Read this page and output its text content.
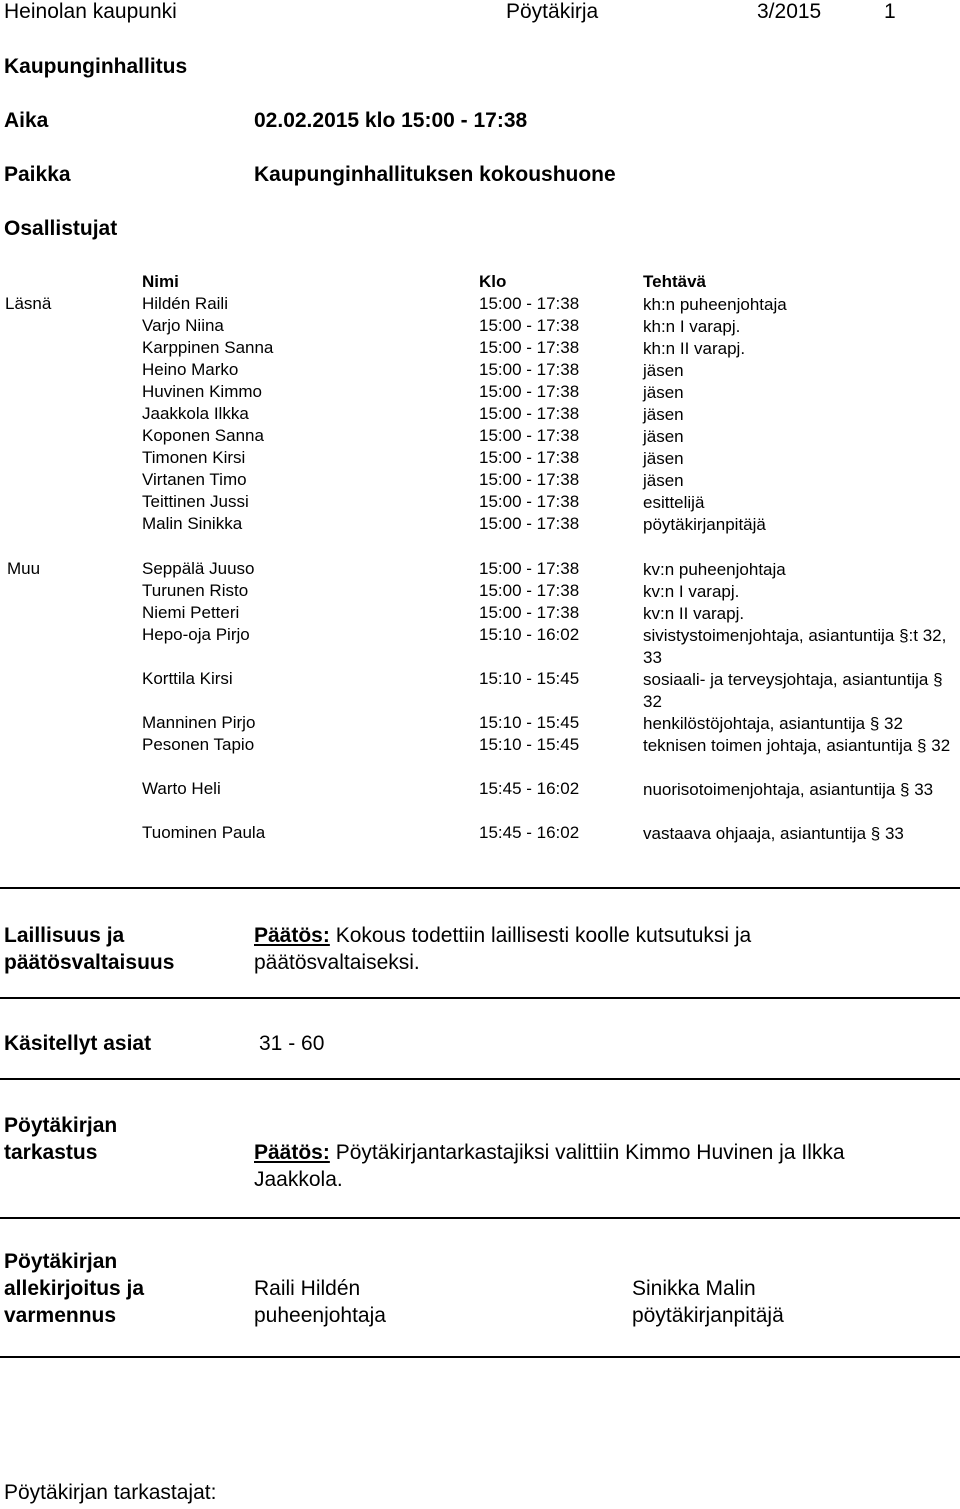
Heinolan kaupunki	Pöytäkirja	3/2015	1
Kaupunginhallitus
Aika	02.02.2015 klo 15:00 - 17:38
Paikka	Kaupunginhallituksen kokoushuone
Osallistujat
Nimi	Klo	Tehtävä
Läsnä	Hildén Raili	15:00 - 17:38	kh:n puheenjohtaja
Varjo Niina	15:00 - 17:38	kh:n I varapj.
Karppinen Sanna	15:00 - 17:38	kh:n II varapj.
Heino Marko	15:00 - 17:38	jäsen
Huvinen Kimmo	15:00 - 17:38	jäsen
Jaakkola Ilkka	15:00 - 17:38	jäsen
Koponen Sanna	15:00 - 17:38	jäsen
Timonen Kirsi	15:00 - 17:38	jäsen
Virtanen Timo	15:00 - 17:38	jäsen
Teittinen Jussi	15:00 - 17:38	esittelijä
Malin Sinikka	15:00 - 17:38	pöytäkirjanpitäjä
Muu	Seppälä Juuso	15:00 - 17:38	kv:n puheenjohtaja
Turunen Risto	15:00 - 17:38	kv:n I varapj.
Niemi Petteri	15:00 - 17:38	kv:n II varapj.
Hepo-oja Pirjo	15:10 - 16:02	sivistystoimenjohtaja, asiantuntija §:t 32, 33
Korttila Kirsi	15:10 - 15:45	sosiaali- ja terveysjohtaja, asiantuntija § 32
Manninen Pirjo	15:10 - 15:45	henkilöstöjohtaja, asiantuntija § 32
Pesonen Tapio	15:10 - 15:45	teknisen toimen johtaja, asiantuntija § 32
Warto Heli	15:45 - 16:02	nuorisotoimenjohtaja, asiantuntija § 33
Tuominen Paula	15:45 - 16:02	vastaava ohjaaja, asiantuntija § 33
Laillisuus ja
päätösvaltaisuus
Päätös: Kokous todettiin laillisesti koolle kutsutuksi ja
päätösvaltaiseksi.
Käsitellyt asiat	31 - 60
Pöytäkirjan
tarkastus	Päätös: Pöytäkirjantarkastajiksi valittiin Kimmo Huvinen ja Ilkka
Jaakkola.
Pöytäkirjan
allekirjoitus ja
varmennus
Raili Hildén
puheenjohtaja
Sinikka Malin
pöytäkirjanpitäjä
Pöytäkirjan tarkastajat:
